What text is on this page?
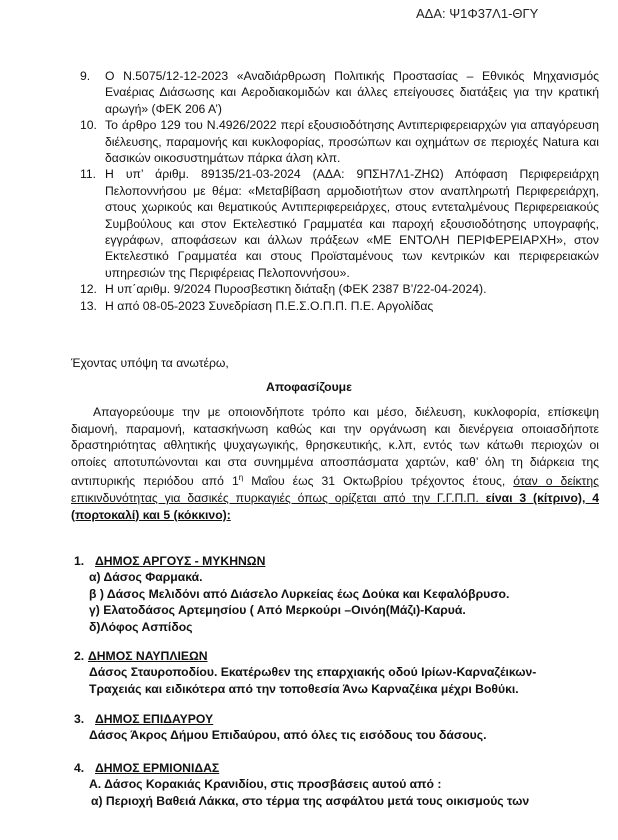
ΑΔΑ: Ψ1Φ37Λ1-ΘΓΥ
9.	Ο Ν.5075/12-12-2023 «Αναδιάρθρωση Πολιτικής Προστασίας – Εθνικός Μηχανισμός Εναέριας Διάσωσης και Αεροδιακομιδών και άλλες επείγουσες διατάξεις για την κρατική αρωγή» (ΦΕΚ 206 Α’)
10. Το άρθρο 129 του Ν.4926/2022 περί εξουσιοδότησης Αντιπεριφερειαρχών για απαγόρευση διέλευσης, παραμονής και κυκλοφορίας, προσώπων και οχημάτων σε περιοχές Natura και δασικών οικοσυστημάτων πάρκα άλση κλπ.
11. Η υπ’ άριθμ. 89135/21-03-2024 (ΑΔΑ: 9ΠΣΗ7Λ1-ΖΗΩ) Απόφαση Περιφερειάρχη Πελοποννήσου με θέμα: «Μεταβίβαση αρμοδιοτήτων στον αναπληρωτή Περιφερειάρχη, στους χωρικούς και θεματικούς Αντιπεριφερειάρχες, στους εντεταλμένους Περιφερειακούς Συμβούλους και στον Εκτελεστικό Γραμματέα και παροχή εξουσιοδότησης υπογραφής, εγγράφων, αποφάσεων και άλλων πράξεων «ΜΕ ΕΝΤΟΛΗ ΠΕΡΙΦΕΡΕΙΑΡΧΗ», στον Εκτελεστικό Γραμματέα και στους Προϊσταμένους των κεντρικών και περιφερειακών υπηρεσιών της Περιφέρειας Πελοποννήσου».
12. Η υπ΄αριθμ. 9/2024 Πυροσβεστικη διάταξη (ΦΕΚ 2387 Β’/22-04-2024).
13. Η από 08-05-2023 Συνεδρίαση Π.Ε.Σ.Ο.Π.Π. Π.Ε. Αργολίδας
Έχοντας υπόψη τα ανωτέρω,
Αποφασίζουμε
Απαγορεύουμε την με οποιονδήποτε τρόπο και μέσο, διέλευση, κυκλοφορία, επίσκεψη διαμονή, παραμονή, κατασκήνωση καθώς και την οργάνωση και διενέργεια οποιασδήποτε δραστηριότητας αθλητικής ψυχαγωγικής, θρησκευτικής, κ.λπ, εντός των κάτωθι περιοχών οι οποίες αποτυπώνονται και στα συνημμένα αποσπάσματα χαρτών, καθ’ όλη τη διάρκεια της αντιπυρικής περιόδου από $1^\eta$ Μαΐου έως 31 Οκτωβρίου τρέχοντος έτους, όταν ο δείκτης επικινδυνότητας για δασικές πυρκαγιές όπως ορίζεται από την Γ.Γ.Π.Π. είναι 3 (κίτρινο), 4 (πορτοκαλί) και 5 (κόκκινο):
1. ΔΗΜΟΣ ΑΡΓΟΥΣ - ΜΥΚΗΝΩΝ
α) Δάσος Φαρμακά.
β ) Δάσος Μελιδόνι από Διάσελο Λυρκείας έως Δούκα και Κεφαλόβρυσο.
γ) Ελατοδάσος Αρτεμησίου ( Από Μερκούρι –Οινόη(Μάζι)-Καρυά.
δ)Λόφος Ασπίδος
2. ΔΗΜΟΣ ΝΑΥΠΛΙΕΩΝ
Δάσος Σταυροποδίου. Εκατέρωθεν της επαρχιακής οδού Ιρίων-Καρναζέικων- Τραχειάς και ειδικότερα από την τοποθεσία Άνω Καρναζέικα μέχρι Βοθύκι.
3. ΔΗΜΟΣ ΕΠΙΔΑΥΡΟΥ
Δάσος Άκρος Δήμου Επιδαύρου, από όλες τις εισόδους του δάσους.
4. ΔΗΜΟΣ ΕΡΜΙΟΝΙΔΑΣ
Α. Δάσος Κορακιάς Κρανιδίου, στις προσβάσεις αυτού από :
α) Περιοχή Βαθειά Λάκκα, στο τέρμα της ασφάλτου μετά τους οικισμούς των
